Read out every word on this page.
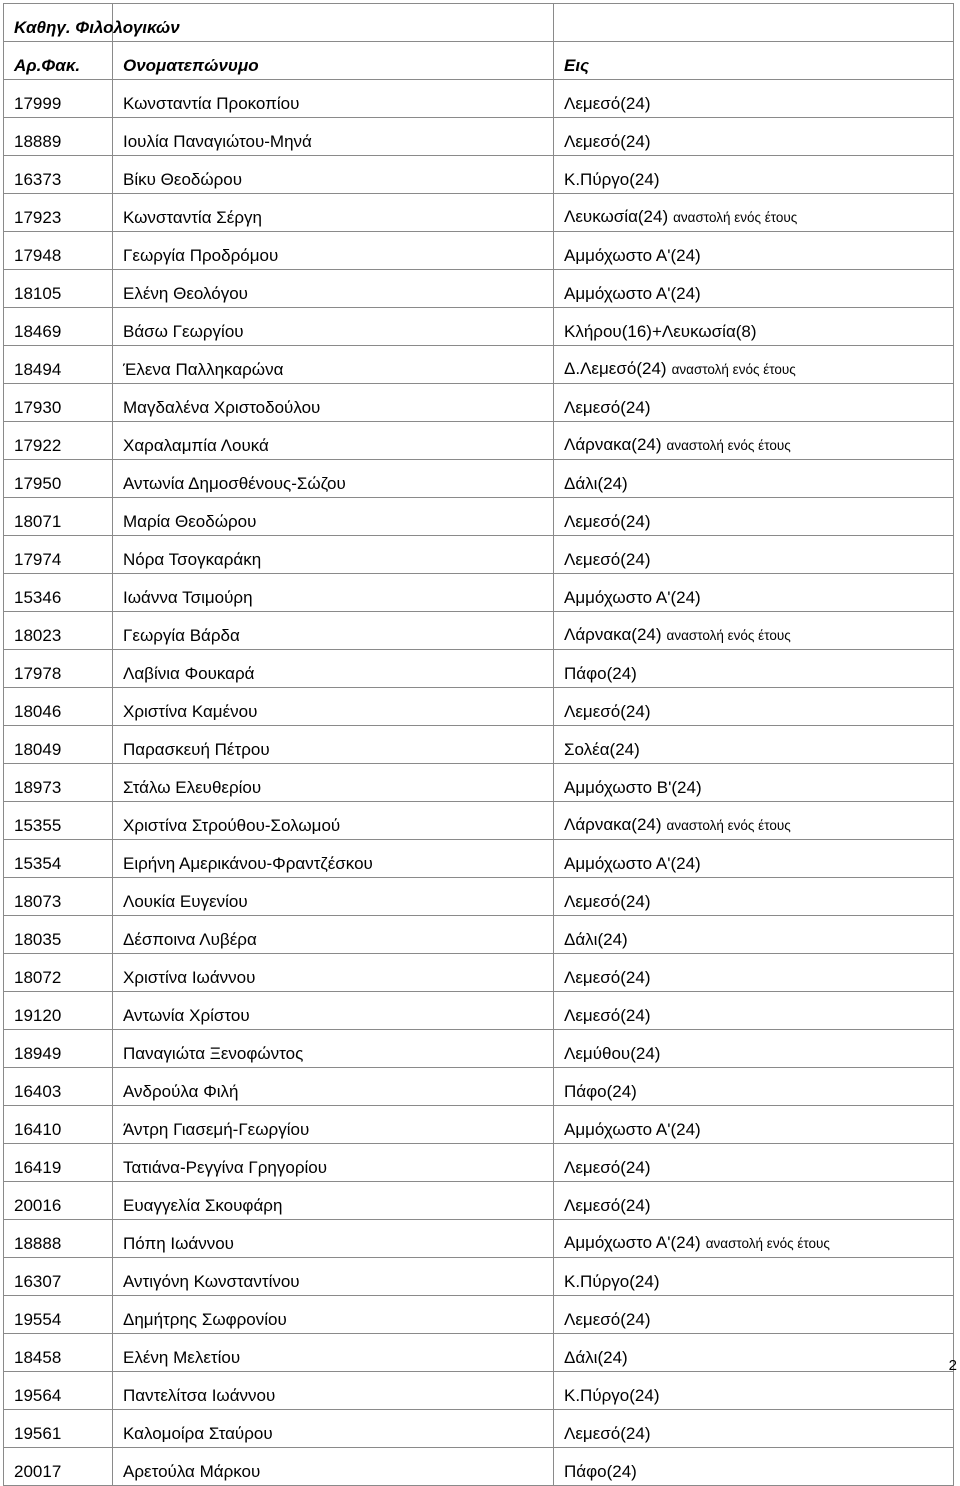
Καθηγ. Φιλολογικών		
Αρ.Φακ.	Ονοματεπώνυμο	Εις
17999	Κωνσταντία Προκοπίου	Λεμεσό(24)
18889	Ιουλία Παναγιώτου-Μηνά	Λεμεσό(24)
16373	Βίκυ Θεοδώρου	Κ.Πύργο(24)
17923	Κωνσταντία Σέργη	Λευκωσία(24) αναστολή ενός έτους
17948	Γεωργία Προδρόμου	Αμμόχωστο Α'(24)
18105	Ελένη Θεολόγου	Αμμόχωστο Α'(24)
18469	Βάσω Γεωργίου	Κλήρου(16)+Λευκωσία(8)
18494	Έλενα Παλληκαρώνα	Δ.Λεμεσό(24) αναστολή ενός έτους
17930	Μαγδαλένα Χριστοδούλου	Λεμεσό(24)
17922	Χαραλαμπία Λουκά	Λάρνακα(24) αναστολή ενός έτους
17950	Αντωνία Δημοσθένους-Σώζου	Δάλι(24)
18071	Μαρία Θεοδώρου	Λεμεσό(24)
17974	Νόρα Τσογκαράκη	Λεμεσό(24)
15346	Ιωάννα Τσιμούρη	Αμμόχωστο Α'(24)
18023	Γεωργία Βάρδα	Λάρνακα(24) αναστολή ενός έτους
17978	Λαβίνια Φουκαρά	Πάφο(24)
18046	Χριστίνα Καμένου	Λεμεσό(24)
18049	Παρασκευή Πέτρου	Σολέα(24)
18973	Στάλω Ελευθερίου	Αμμόχωστο Β'(24)
15355	Χριστίνα Στρούθου-Σολωμού	Λάρνακα(24) αναστολή ενός έτους
15354	Ειρήνη Αμερικάνου-Φραντζέσκου	Αμμόχωστο Α'(24)
18073	Λουκία Ευγενίου	Λεμεσό(24)
18035	Δέσποινα Λυβέρα	Δάλι(24)
18072	Χριστίνα Ιωάννου	Λεμεσό(24)
19120	Αντωνία Χρίστου	Λεμεσό(24)
18949	Παναγιώτα Ξενοφώντος	Λεμύθου(24)
16403	Ανδρούλα Φιλή	Πάφο(24)
16410	Άντρη Γιασεμή-Γεωργίου	Αμμόχωστο Α'(24)
16419	Τατιάνα-Ρεγγίνα Γρηγορίου	Λεμεσό(24)
20016	Ευαγγελία Σκουφάρη	Λεμεσό(24)
18888	Πόπη Ιωάννου	Αμμόχωστο Α'(24) αναστολή ενός έτους
16307	Αντιγόνη Κωνσταντίνου	Κ.Πύργο(24)
19554	Δημήτρης Σωφρονίου	Λεμεσό(24)
18458	Ελένη Μελετίου	Δάλι(24)
19564	Παντελίτσα Ιωάννου	Κ.Πύργο(24)
19561	Καλομοίρα Σταύρου	Λεμεσό(24)
20017	Αρετούλα Μάρκου	Πάφο(24)
2
